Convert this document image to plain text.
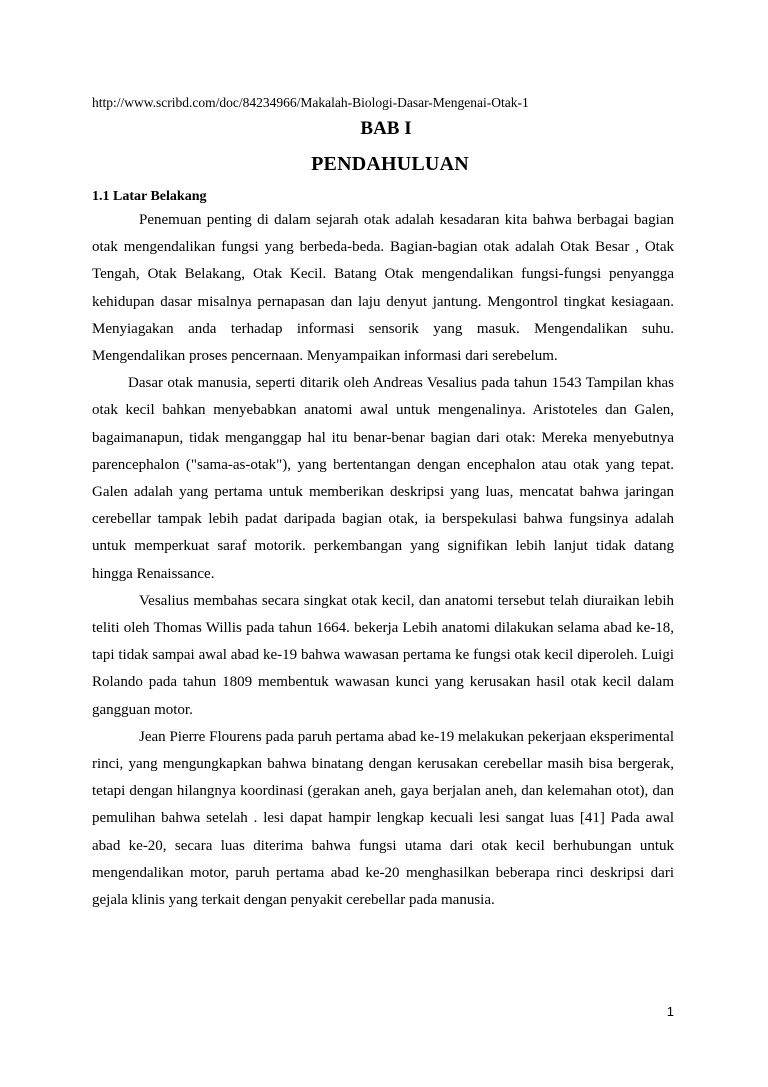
http://www.scribd.com/doc/84234966/Makalah-Biologi-Dasar-Mengenai-Otak-1
BAB I
PENDAHULUAN
1.1 Latar Belakang

Penemuan penting di dalam sejarah otak adalah kesadaran kita bahwa berbagai bagian otak mengendalikan fungsi yang berbeda-beda. Bagian-bagian otak adalah Otak Besar , Otak Tengah, Otak Belakang, Otak Kecil. Batang Otak mengendalikan fungsi-fungsi penyangga kehidupan dasar misalnya pernapasan dan laju denyut jantung. Mengontrol tingkat kesiagaan. Menyiagakan anda terhadap informasi sensorik yang masuk. Mengendalikan suhu. Mengendalikan proses pencernaan. Menyampaikan informasi dari serebelum.

Dasar otak manusia, seperti ditarik oleh Andreas Vesalius pada tahun 1543 Tampilan khas otak kecil bahkan menyebabkan anatomi awal untuk mengenalinya. Aristoteles dan Galen, bagaimanapun, tidak menganggap hal itu benar-benar bagian dari otak: Mereka menyebutnya parencephalon ("sama-as-otak"), yang bertentangan dengan encephalon atau otak yang tepat. Galen adalah yang pertama untuk memberikan deskripsi yang luas, mencatat bahwa jaringan cerebellar tampak lebih padat daripada bagian otak, ia berspekulasi bahwa fungsinya adalah untuk memperkuat saraf motorik. perkembangan yang signifikan lebih lanjut tidak datang hingga Renaissance.

Vesalius membahas secara singkat otak kecil, dan anatomi tersebut telah diuraikan lebih teliti oleh Thomas Willis pada tahun 1664. bekerja Lebih anatomi dilakukan selama abad ke-18, tapi tidak sampai awal abad ke-19 bahwa wawasan pertama ke fungsi otak kecil diperoleh. Luigi Rolando pada tahun 1809 membentuk wawasan kunci yang kerusakan hasil otak kecil dalam gangguan motor.

Jean Pierre Flourens pada paruh pertama abad ke-19 melakukan pekerjaan eksperimental rinci, yang mengungkapkan bahwa binatang dengan kerusakan cerebellar masih bisa bergerak, tetapi dengan hilangnya koordinasi (gerakan aneh, gaya berjalan aneh, dan kelemahan otot), dan pemulihan bahwa setelah . lesi dapat hampir lengkap kecuali lesi sangat luas [41] Pada awal abad ke-20, secara luas diterima bahwa fungsi utama dari otak kecil berhubungan untuk mengendalikan motor, paruh pertama abad ke-20 menghasilkan beberapa rinci deskripsi dari gejala klinis yang terkait dengan penyakit cerebellar pada manusia.

1
